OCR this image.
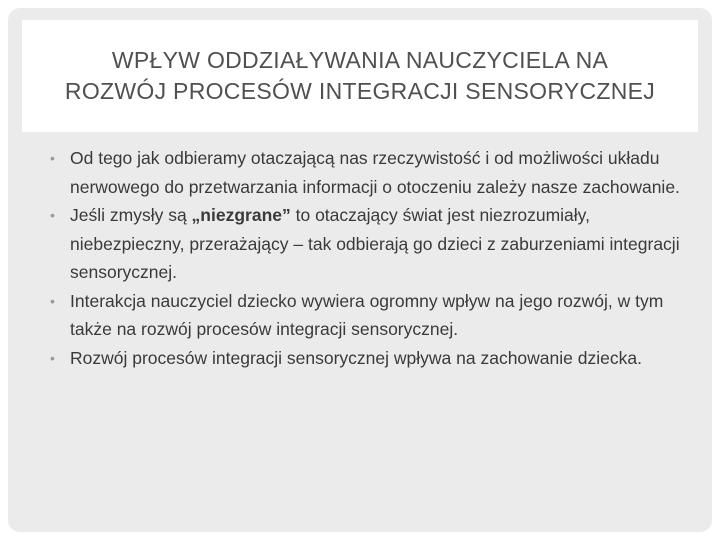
WPŁYW ODDZIAŁYWANIA NAUCZYCIELA NA ROZWÓJ PROCESÓW INTEGRACJI SENSORYCZNEJ
• Od tego jak odbieramy otaczającą nas rzeczywistość i od możliwości układu nerwowego do przetwarzania informacji o otoczeniu zależy nasze zachowanie.
• Jeśli zmysły są „niezgrane” to otaczający świat jest niezrozumiały, niebezpieczny, przerażający – tak odbierają go dzieci z zaburzeniami integracji sensorycznej.
• Interakcja nauczyciel dziecko wywiera ogromny wpływ na jego rozwój, w tym także na rozwój procesów integracji sensorycznej.
• Rozwój procesów integracji sensorycznej wpływa na zachowanie dziecka.
